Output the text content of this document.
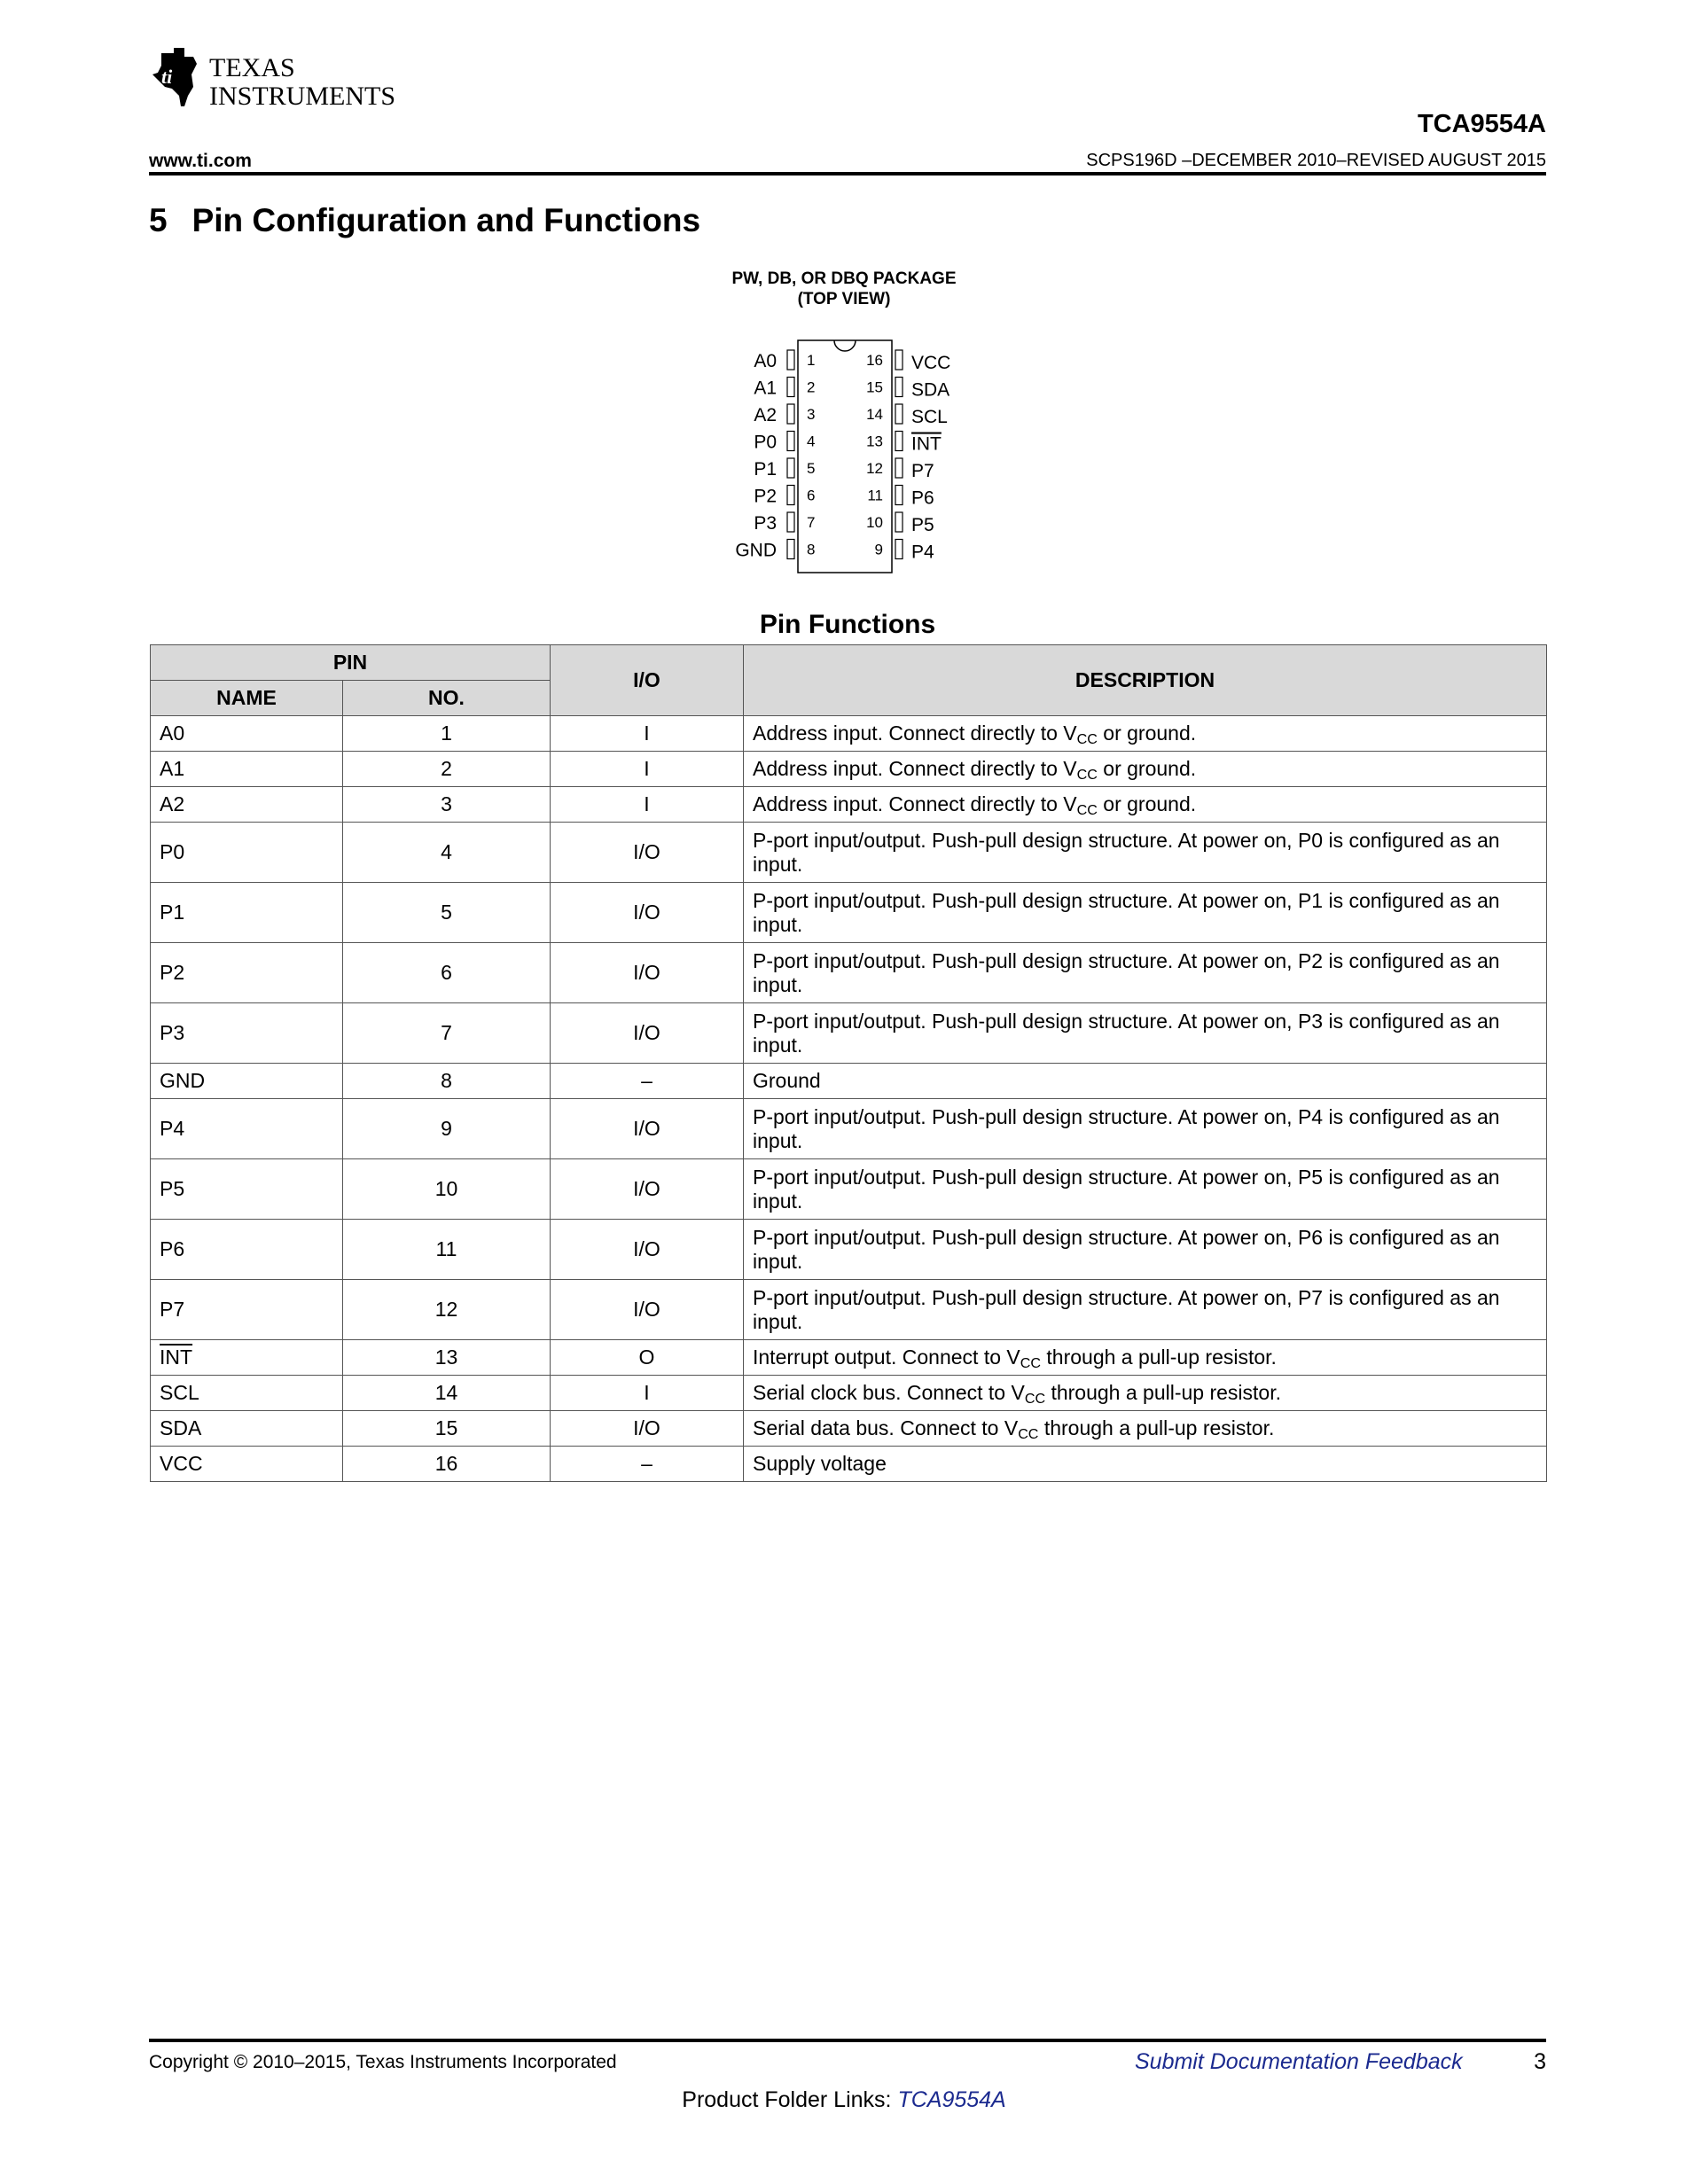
ti TEXAS
INSTRUMENTS
TCA9554A
www.ti.com	SCPS196D –DECEMBER 2010–REVISED AUGUST 2015
5 Pin Configuration and Functions
PW, DB, OR DBQ PACKAGE
(TOP VIEW)
A0 1
A1 2
A2 3
P0 4
P1 5
P2 6
P3 7
GND 8
VCC
16
SDA
15
SCL
14
INT
13
P7
12
P6
11
P5
10
P4
9
Pin Functions
PIN		I/O	DESCRIPTION
NAME	NO.		
A0	1	I	Address input. Connect directly to $V_{CC}$ or ground.
A1	2	I	Address input. Connect directly to $V_{CC}$ or ground.
A2	3	I	Address input. Connect directly to $V_{CC}$ or ground.
P0	4	I/O	P-port input/output. Push-pull design structure. At power on, P0 is configured as an input.
P1	5	I/O	P-port input/output. Push-pull design structure. At power on, P1 is configured as an input.
P2	6	I/O	P-port input/output. Push-pull design structure. At power on, P2 is configured as an input.
P3	7	I/O	P-port input/output. Push-pull design structure. At power on, P3 is configured as an input.
GND	8	–	Ground
P4	9	I/O	P-port input/output. Push-pull design structure. At power on, P4 is configured as an input.
P5	10	I/O	P-port input/output. Push-pull design structure. At power on, P5 is configured as an input.
P6	11	I/O	P-port input/output. Push-pull design structure. At power on, P6 is configured as an input.
P7	12	I/O	P-port input/output. Push-pull design structure. At power on, P7 is configured as an input.
$\overline{INT}$	13	O	Interrupt output. Connect to $V_{CC}$ through a pull-up resistor.
SCL	14	I	Serial clock bus. Connect to $V_{CC}$ through a pull-up resistor.
SDA	15	I/O	Serial data bus. Connect to $V_{CC}$ through a pull-up resistor.
VCC	16	–	Supply voltage
Copyright © 2010–2015, Texas Instruments Incorporated	Submit Documentation Feedback	3
Product Folder Links: TCA9554A
